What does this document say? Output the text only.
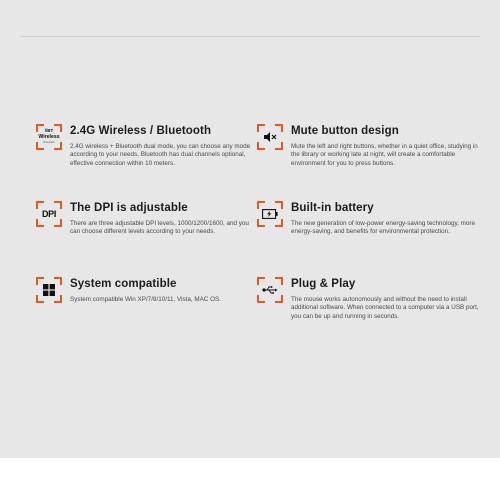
//BT
Wireless
Bluetooth
2.4G Wireless / Bluetooth
2.4G wireless + Bluetooth dual mode, you can choose any mode according to your needs, Bluetooth has dual channels optional, effective connection within 10 meters.
Mute button design
Mute the left and right buttons, whether in a quiet office, studying in the library or working late at night, will create a comfortable environment for you to press buttons.
DPI The DPI is adjustable
There are three adjustable DPI levels, 1000/1200/1600, and you can choose different levels according to your needs.
Built-in battery
The new generation of low-power energy-saving technology, more energy-saving, and benefits for environmental protection.
System compatible
System compatible Win XP/7/8/10/11, Vista, MAC OS.
Plug & Play
The mouse works autonomously and without the need to install additional software. When connected to a computer via a USB port, you can be up and running in seconds.
